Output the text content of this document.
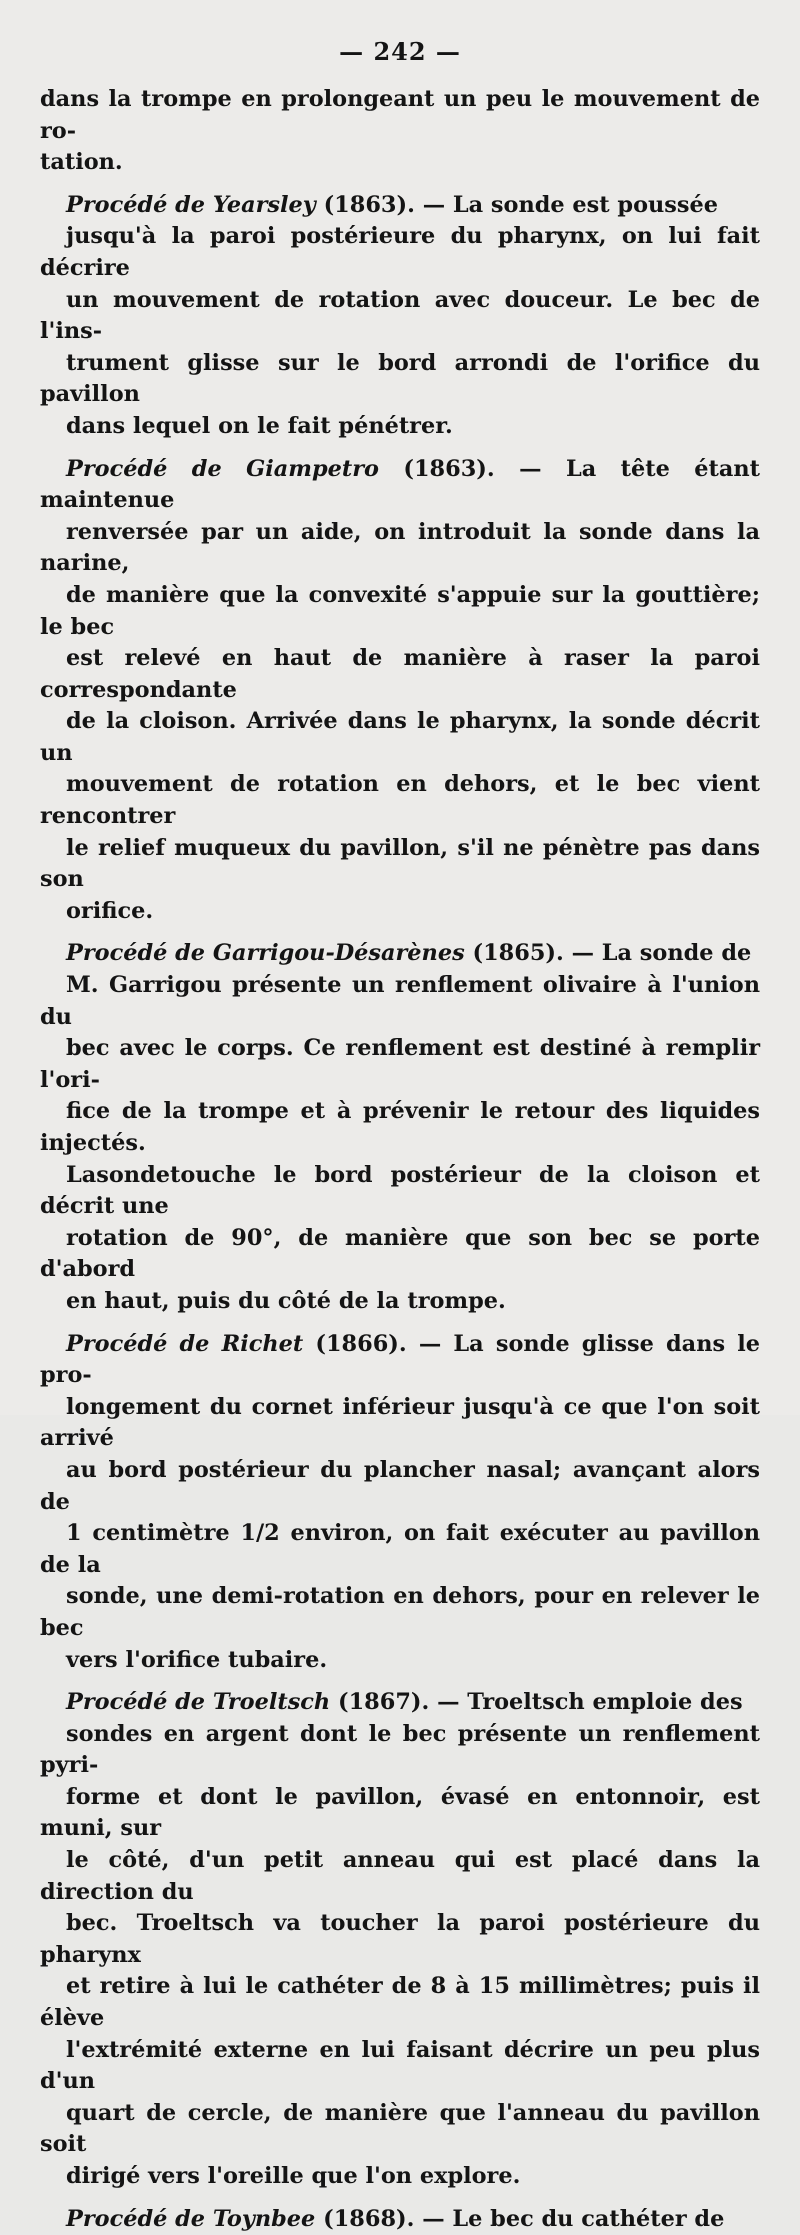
— 242 —

dans la trompe en prolongeant un peu le mouvement de ro-
tation.

Procédé de Yearsley (1863). — La sonde est poussée
jusqu'à la paroi postérieure du pharynx, on lui fait décrire
un mouvement de rotation avec douceur. Le bec de l'ins-
trument glisse sur le bord arrondi de l'orifice du pavillon
dans lequel on le fait pénétrer.

Procédé de Giampetro (1863). — La tête étant maintenue
renversée par un aide, on introduit la sonde dans la narine,
de manière que la convexité s'appuie sur la gouttière; le bec
est relevé en haut de manière à raser la paroi correspondante
de la cloison. Arrivée dans le pharynx, la sonde décrit un
mouvement de rotation en dehors, et le bec vient rencontrer
le relief muqueux du pavillon, s'il ne pénètre pas dans son
orifice.

Procédé de Garrigou-Désarènes (1865). — La sonde de
M. Garrigou présente un renflement olivaire à l'union du
bec avec le corps. Ce renflement est destiné à remplir l'ori-
fice de la trompe et à prévenir le retour des liquides injectés.
Lasondetouche le bord postérieur de la cloison et décrit une
rotation de 90°, de manière que son bec se porte d'abord
en haut, puis du côté de la trompe.

Procédé de Richet (1866). — La sonde glisse dans le pro-
longement du cornet inférieur jusqu'à ce que l'on soit arrivé
au bord postérieur du plancher nasal; avançant alors de
1 centimètre 1/2 environ, on fait exécuter au pavillon de la
sonde, une demi-rotation en dehors, pour en relever le bec
vers l'orifice tubaire.

Procédé de Troeltsch (1867). — Troeltsch emploie des
sondes en argent dont le bec présente un renflement pyri-
forme et dont le pavillon, évasé en entonnoir, est muni, sur
le côté, d'un petit anneau qui est placé dans la direction du
bec. Troeltsch va toucher la paroi postérieure du pharynx
et retire à lui le cathéter de 8 à 15 millimètres; puis il élève
l'extrémité externe en lui faisant décrire un peu plus d'un
quart de cercle, de manière que l'anneau du pavillon soit
dirigé vers l'oreille que l'on explore.

Procédé de Toynbee (1868). — Le bec du cathéter de
